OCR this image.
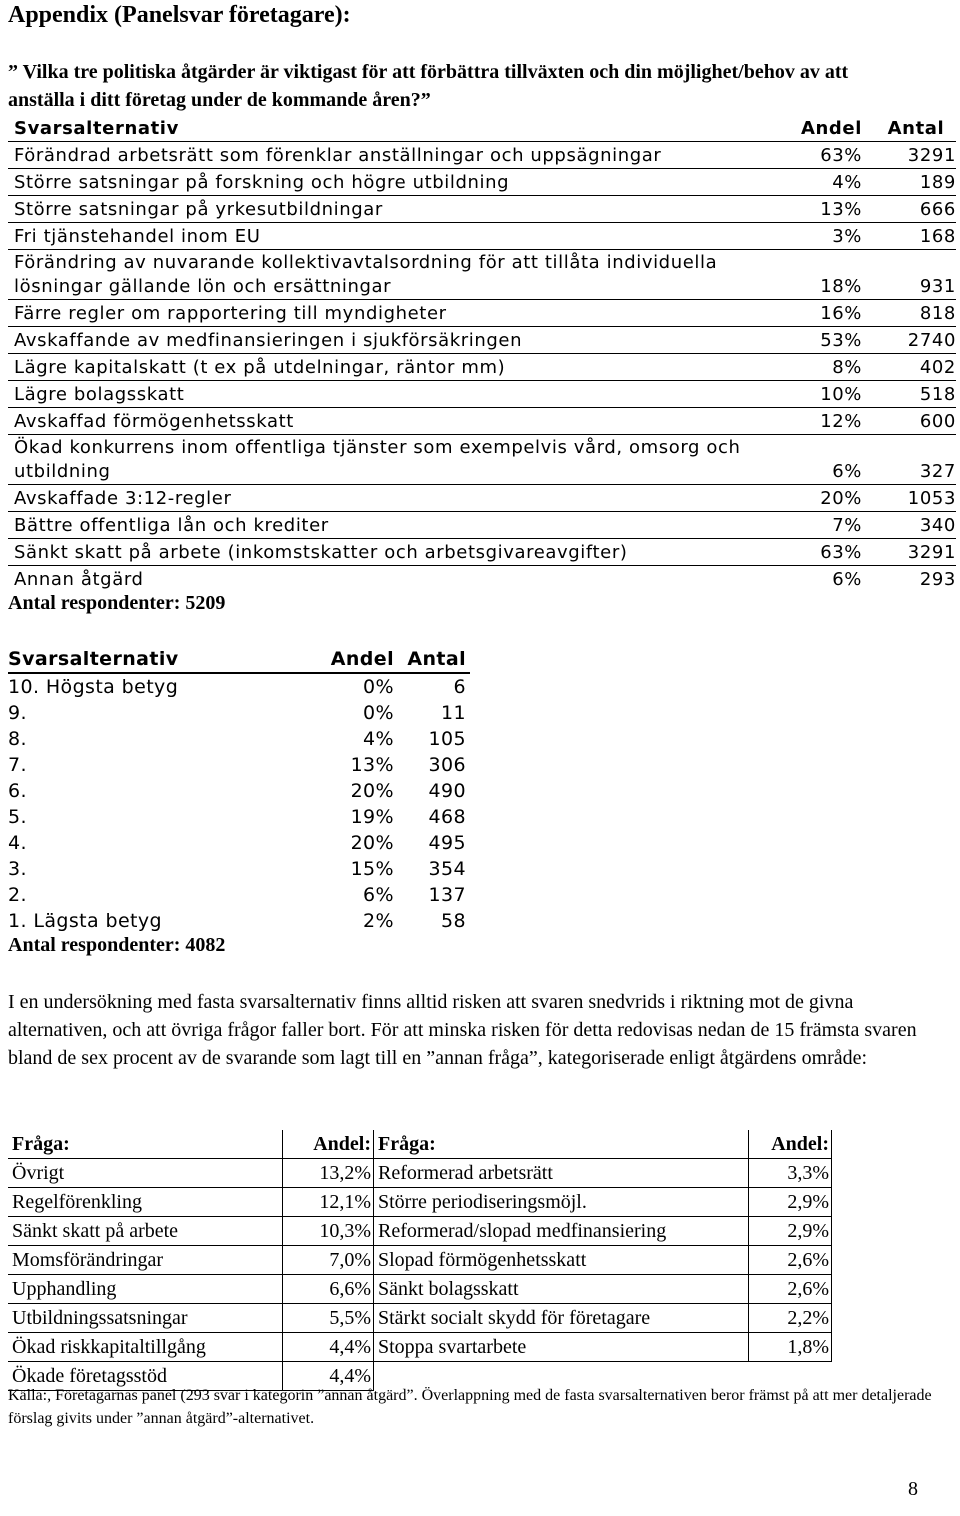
Appendix (Panelsvar företagare):
” Vilka tre politiska åtgärder är viktigast för att förbättra tillväxten och din möjlighet/behov av att anställa i ditt företag under de kommande åren?”
Svarsalternativ	Andel	Antal
Förändrad arbetsrätt som förenklar anställningar och uppsägningar	63%	3291
Större satsningar på forskning och högre utbildning	4%	189
Större satsningar på yrkesutbildningar	13%	666
Fri tjänstehandel inom EU	3%	168
Förändring av nuvarande kollektivavtalsordning för att tillåta individuella lösningar gällande lön och ersättningar	18%	931
Färre regler om rapportering till myndigheter	16%	818
Avskaffande av medfinansieringen i sjukförsäkringen	53%	2740
Lägre kapitalskatt (t ex på utdelningar, räntor mm)	8%	402
Lägre bolagsskatt	10%	518
Avskaffad förmögenhetsskatt	12%	600
Ökad konkurrens inom offentliga tjänster som exempelvis vård, omsorg och utbildning	6%	327
Avskaffade 3:12-regler	20%	1053
Bättre offentliga lån och krediter	7%	340
Sänkt skatt på arbete (inkomstskatter och arbetsgivareavgifter)	63%	3291
Annan åtgärd	6%	293
Antal respondenter: 5209
Svarsalternativ	Andel	Antal
10. Högsta betyg	0%	6
9.	0%	11
8.	4%	105
7.	13%	306
6.	20%	490
5.	19%	468
4.	20%	495
3.	15%	354
2.	6%	137
1. Lägsta betyg	2%	58
Antal respondenter: 4082
I en undersökning med fasta svarsalternativ finns alltid risken att svaren snedvrids i riktning mot de givna alternativen, och att övriga frågor faller bort. För att minska risken för detta redovisas nedan de 15 främsta svaren bland de sex procent av de svarande som lagt till en ”annan fråga”, kategoriserade enligt åtgärdens område:
Fråga:	Andel:	Fråga:	Andel:
Övrigt	13,2%	Reformerad arbetsrätt	3,3%
Regelförenkling	12,1%	Större periodiseringsmöjl.	2,9%
Sänkt skatt på arbete	10,3%	Reformerad/slopad medfinansiering	2,9%
Momsförändringar	7,0%	Slopad förmögenhetsskatt	2,6%
Upphandling	6,6%	Sänkt bolagsskatt	2,6%
Utbildningssatsningar	5,5%	Stärkt socialt skydd för företagare	2,2%
Ökad riskkapitaltillgång	4,4%	Stoppa svartarbete	1,8%
Ökade företagsstöd	4,4%		
Källa:, Företagarnas panel (293 svar i kategorin ”annan åtgärd”. Överlappning med de fasta svarsalternativen beror främst på att mer detaljerade förslag givits under ”annan åtgärd”-alternativet.
8
